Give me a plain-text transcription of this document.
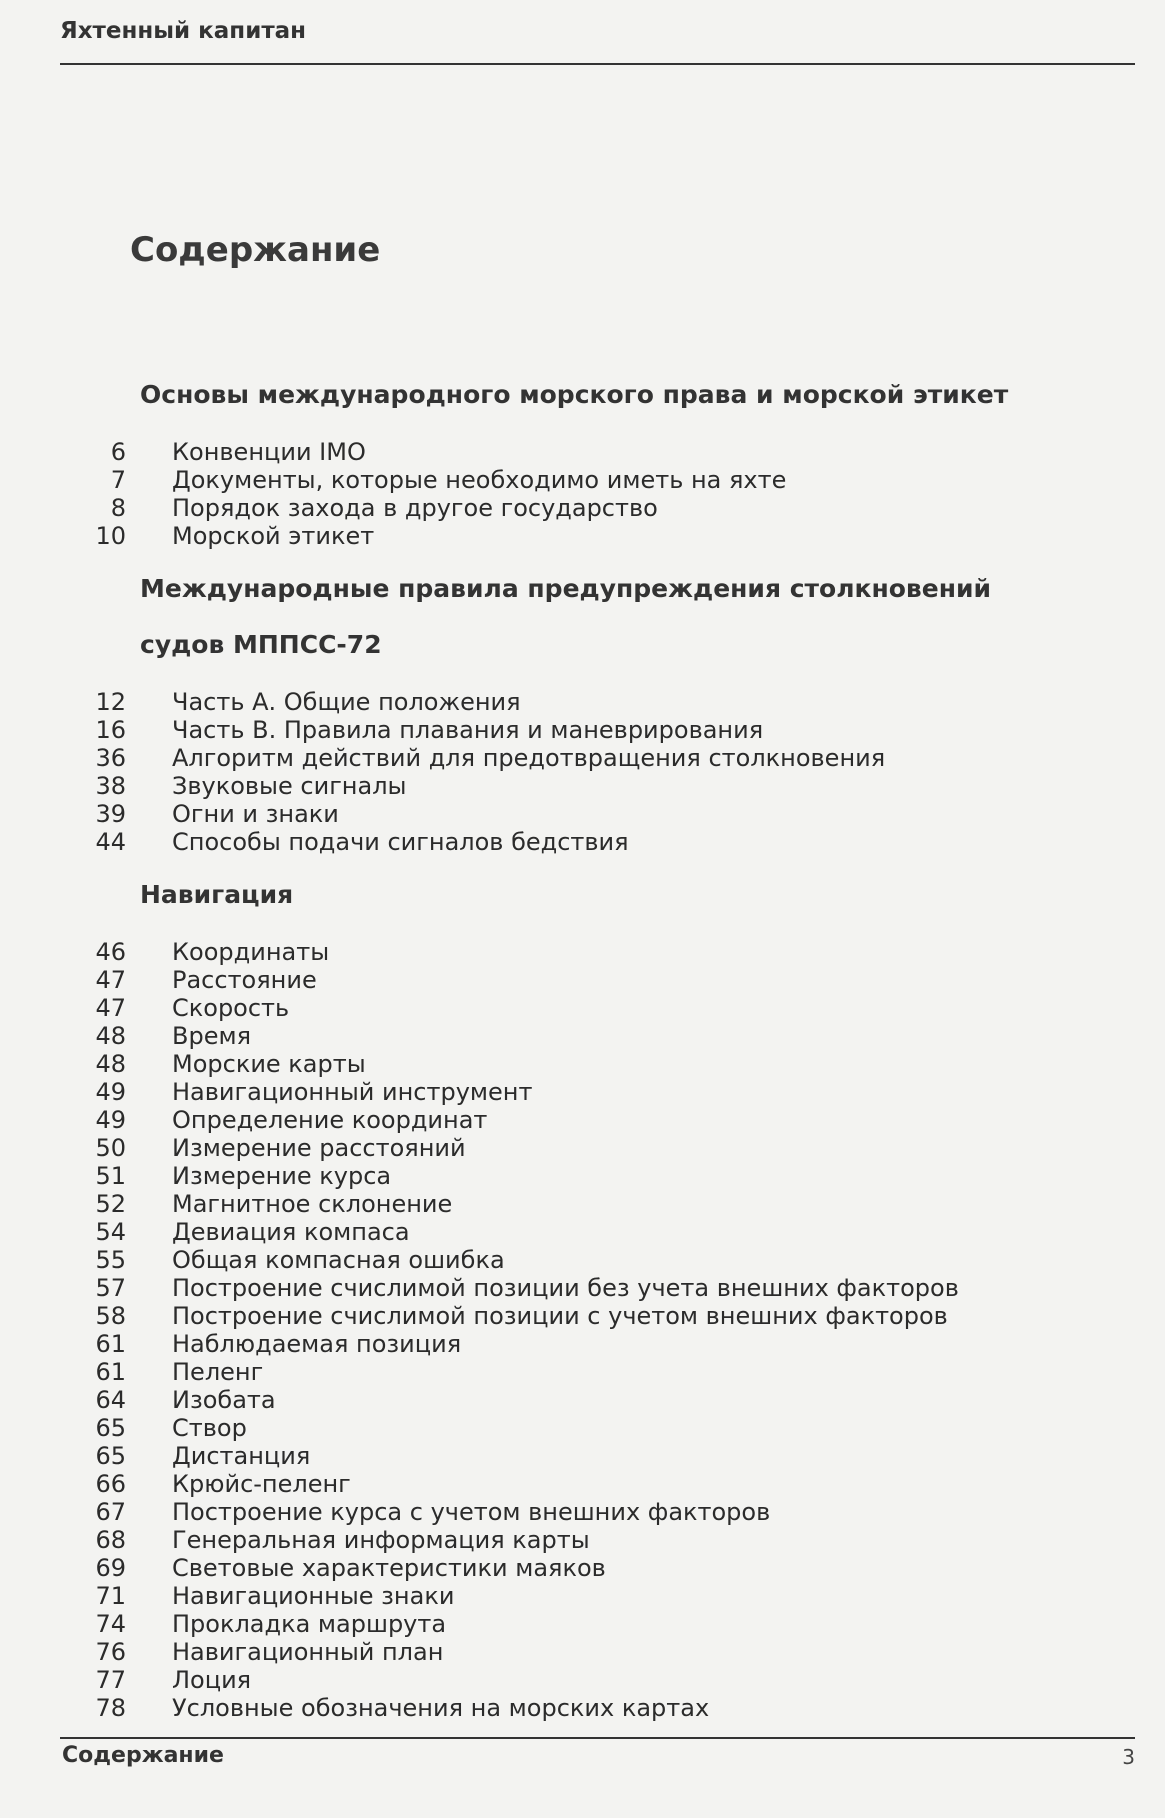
Яхтенный капитан
Содержание
Основы международного морского права и морской этикет
6 Конвенции IMO
7 Документы, которые необходимо иметь на яхте
8 Порядок захода в другое государство
10 Морской этикет
Международные правила предупреждения столкновений
судов МППСС-72
12 Часть А. Общие положения
16 Часть В. Правила плавания и маневрирования
36 Алгоритм действий для предотвращения столкновения
38 Звуковые сигналы
39 Огни и знаки
44 Способы подачи сигналов бедствия
Навигация
46 Координаты
47 Расстояние
47 Скорость
48 Время
48 Морские карты
49 Навигационный инструмент
49 Определение координат
50 Измерение расстояний
51 Измерение курса
52 Магнитное склонение
54 Девиация компаса
55 Общая компасная ошибка
57 Построение счислимой позиции без учета внешних факторов
58 Построение счислимой позиции с учетом внешних факторов
61 Наблюдаемая позиция
61 Пеленг
64 Изобата
65 Створ
65 Дистанция
66 Крюйс-пеленг
67 Построение курса с учетом внешних факторов
68 Генеральная информация карты
69 Световые характеристики маяков
71 Навигационные знаки
74 Прокладка маршрута
76 Навигационный план
77 Лоция
78 Условные обозначения на морских картах
Содержание	3
